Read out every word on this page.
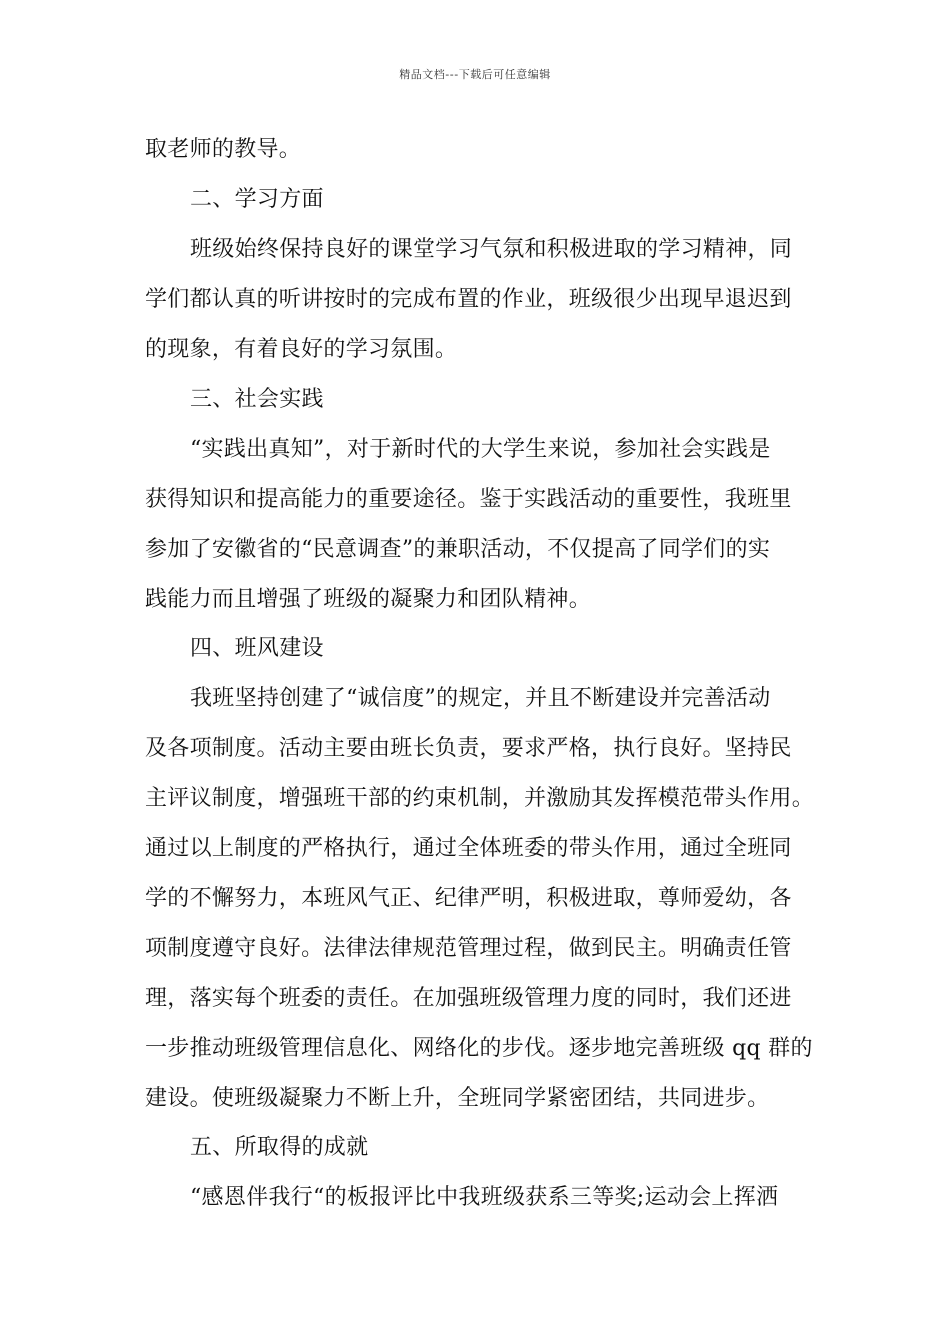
精品文档---下载后可任意编辑
取老师的教导。
二、学习方面
班级始终保持良好的课堂学习气氛和积极进取的学习精神，同
学们都认真的听讲按时的完成布置的作业，班级很少出现早退迟到
的现象，有着良好的学习氛围。
三、社会实践
“实践出真知”，对于新时代的大学生来说，参加社会实践是
获得知识和提高能力的重要途径。鉴于实践活动的重要性，我班里
参加了安徽省的“民意调查”的兼职活动，不仅提高了同学们的实
践能力而且增强了班级的凝聚力和团队精神。
四、班风建设
我班坚持创建了“诚信度”的规定，并且不断建设并完善活动
及各项制度。活动主要由班长负责，要求严格，执行良好。坚持民
主评议制度，增强班干部的约束机制，并激励其发挥模范带头作用。
通过以上制度的严格执行，通过全体班委的带头作用，通过全班同
学的不懈努力，本班风气正、纪律严明，积极进取，尊师爱幼，各
项制度遵守良好。法律法律规范管理过程，做到民主。明确责任管
理，落实每个班委的责任。在加强班级管理力度的同时，我们还进
一步推动班级管理信息化、网络化的步伐。逐步地完善班级 qq 群的
建设。使班级凝聚力不断上升，全班同学紧密团结，共同进步。
五、所取得的成就
“感恩伴我行“的板报评比中我班级获系三等奖;运动会上挥洒
